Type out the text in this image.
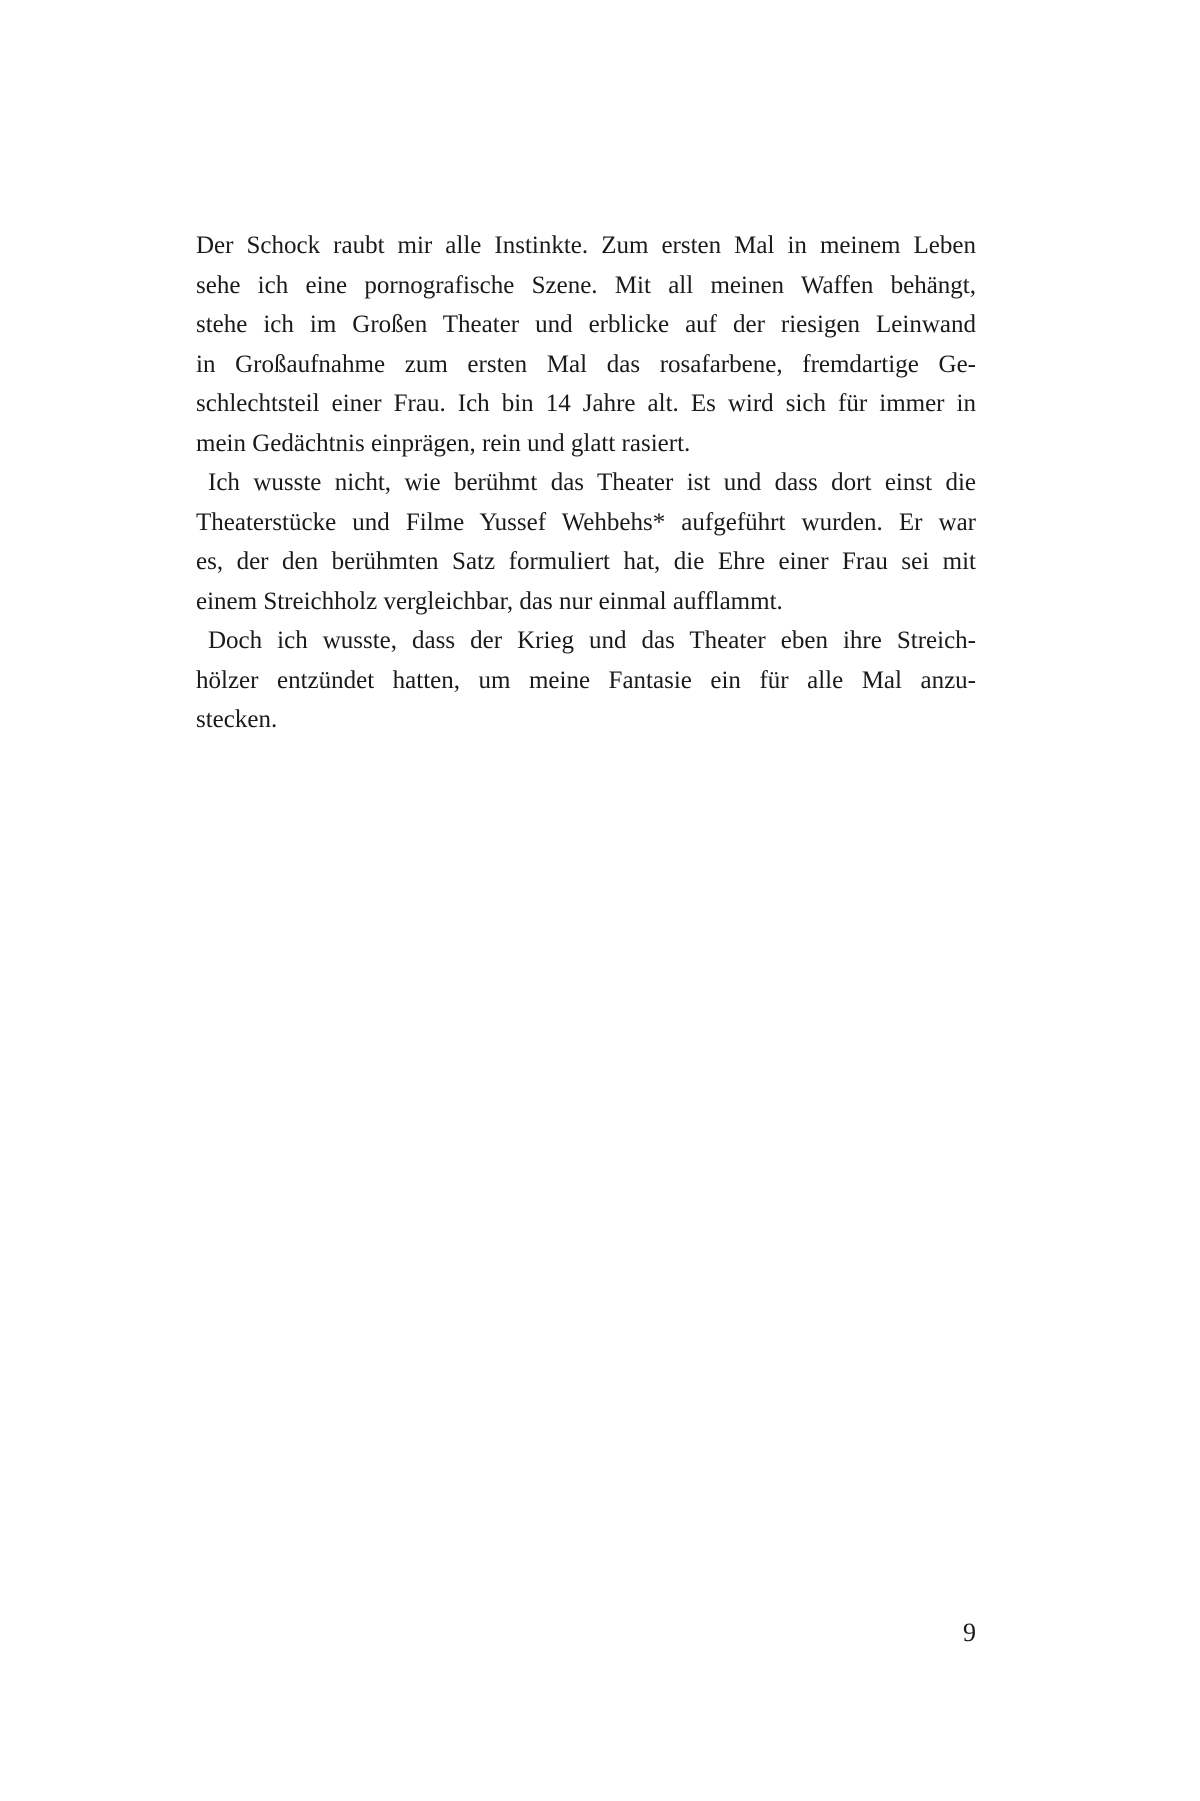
Der Schock raubt mir alle Instinkte. Zum ersten Mal in meinem Leben
sehe ich eine pornografische Szene. Mit all meinen Waffen behängt,
stehe ich im Großen Theater und erblicke auf der riesigen Leinwand
in Großaufnahme zum ersten Mal das rosafarbene, fremdartige Ge-
schlechtsteil einer Frau. Ich bin 14 Jahre alt. Es wird sich für immer in
mein Gedächtnis einprägen, rein und glatt rasiert.
Ich wusste nicht, wie berühmt das Theater ist und dass dort einst die
Theaterstücke und Filme Yussef Wehbehs* aufgeführt wurden. Er war
es, der den berühmten Satz formuliert hat, die Ehre einer Frau sei mit
einem Streichholz vergleichbar, das nur einmal aufflammt.
Doch ich wusste, dass der Krieg und das Theater eben ihre Streich-
hölzer entzündet hatten, um meine Fantasie ein für alle Mal anzu-
stecken.
9
